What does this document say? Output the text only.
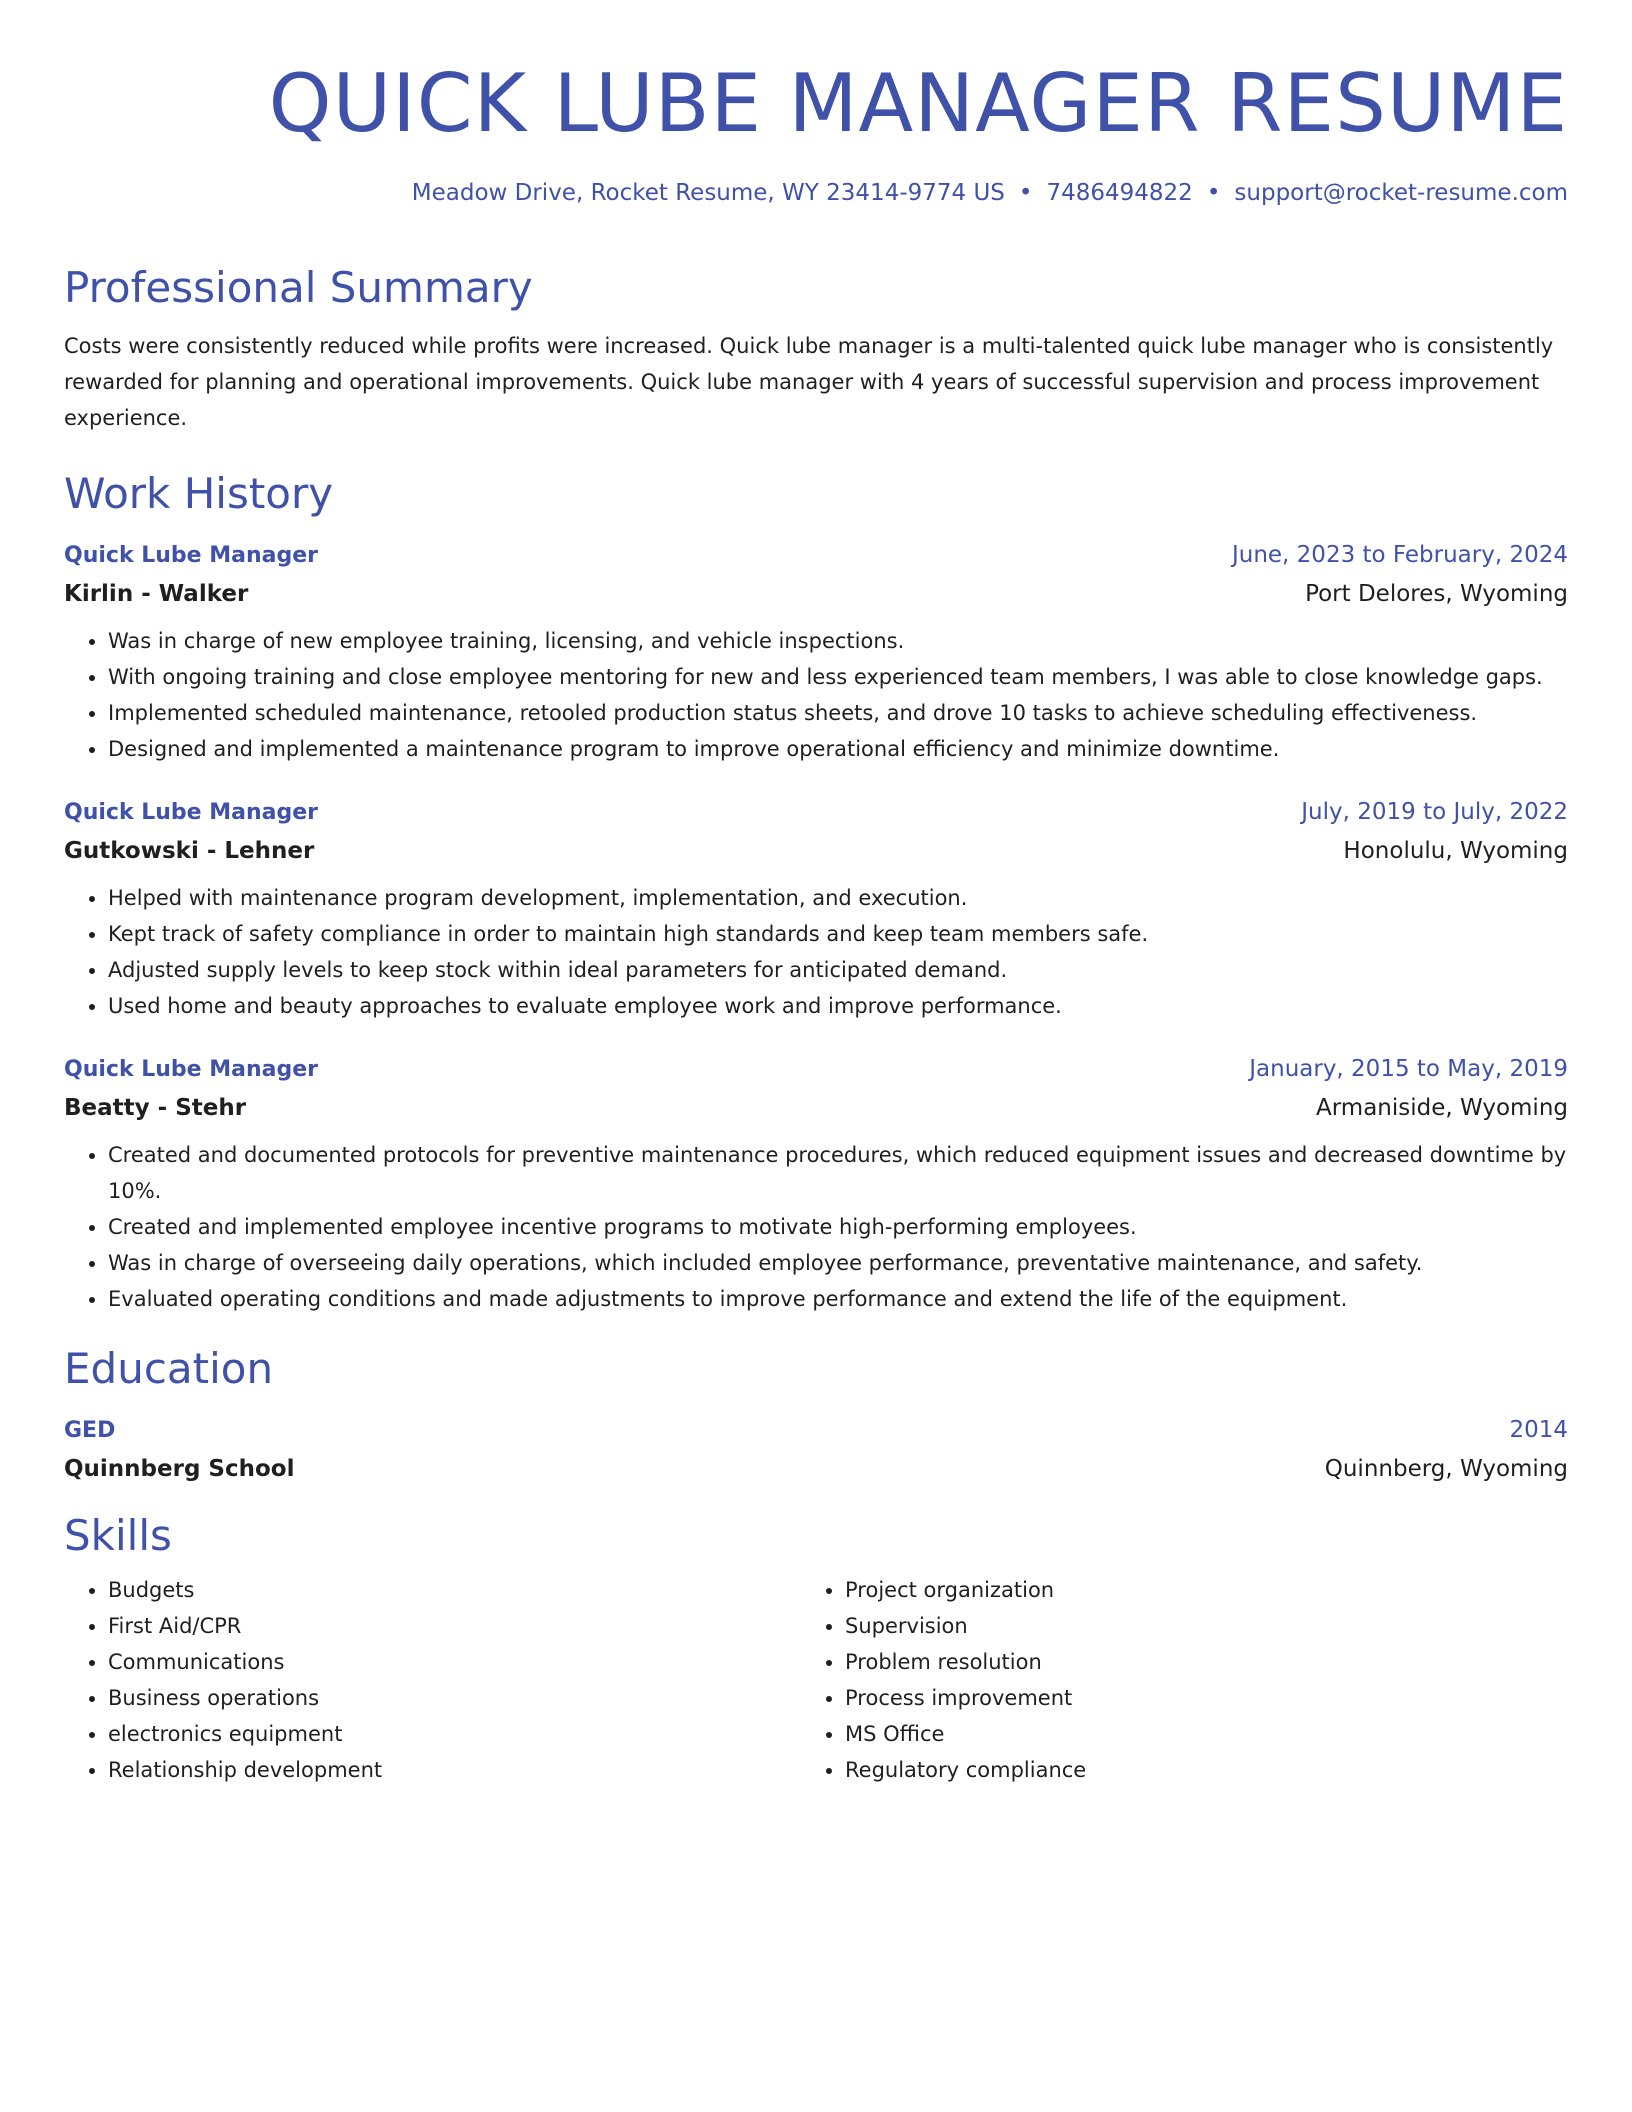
QUICK LUBE MANAGER RESUME
Meadow Drive, Rocket Resume, WY 23414-9774 US • 7486494822 • support@rocket-resume.com
Professional Summary
Costs were consistently reduced while profits were increased. Quick lube manager is a multi-talented quick lube manager who is consistently rewarded for planning and operational improvements. Quick lube manager with 4 years of successful supervision and process improvement experience.
Work History
Quick Lube Manager	June, 2023 to February, 2024
Kirlin - Walker	Port Delores, Wyoming
• Was in charge of new employee training, licensing, and vehicle inspections.
• With ongoing training and close employee mentoring for new and less experienced team members, I was able to close knowledge gaps.
• Implemented scheduled maintenance, retooled production status sheets, and drove 10 tasks to achieve scheduling effectiveness.
• Designed and implemented a maintenance program to improve operational efficiency and minimize downtime.
Quick Lube Manager	July, 2019 to July, 2022
Gutkowski - Lehner	Honolulu, Wyoming
• Helped with maintenance program development, implementation, and execution.
• Kept track of safety compliance in order to maintain high standards and keep team members safe.
• Adjusted supply levels to keep stock within ideal parameters for anticipated demand.
• Used home and beauty approaches to evaluate employee work and improve performance.
Quick Lube Manager	January, 2015 to May, 2019
Beatty - Stehr	Armaniside, Wyoming
• Created and documented protocols for preventive maintenance procedures, which reduced equipment issues and decreased downtime by 10%.
• Created and implemented employee incentive programs to motivate high-performing employees.
• Was in charge of overseeing daily operations, which included employee performance, preventative maintenance, and safety.
• Evaluated operating conditions and made adjustments to improve performance and extend the life of the equipment.
Education
GED	2014
Quinnberg School	Quinnberg, Wyoming
Skills
• Budgets
• First Aid/CPR
• Communications
• Business operations
• electronics equipment
• Relationship development
• Project organization
• Supervision
• Problem resolution
• Process improvement
• MS Office
• Regulatory compliance
